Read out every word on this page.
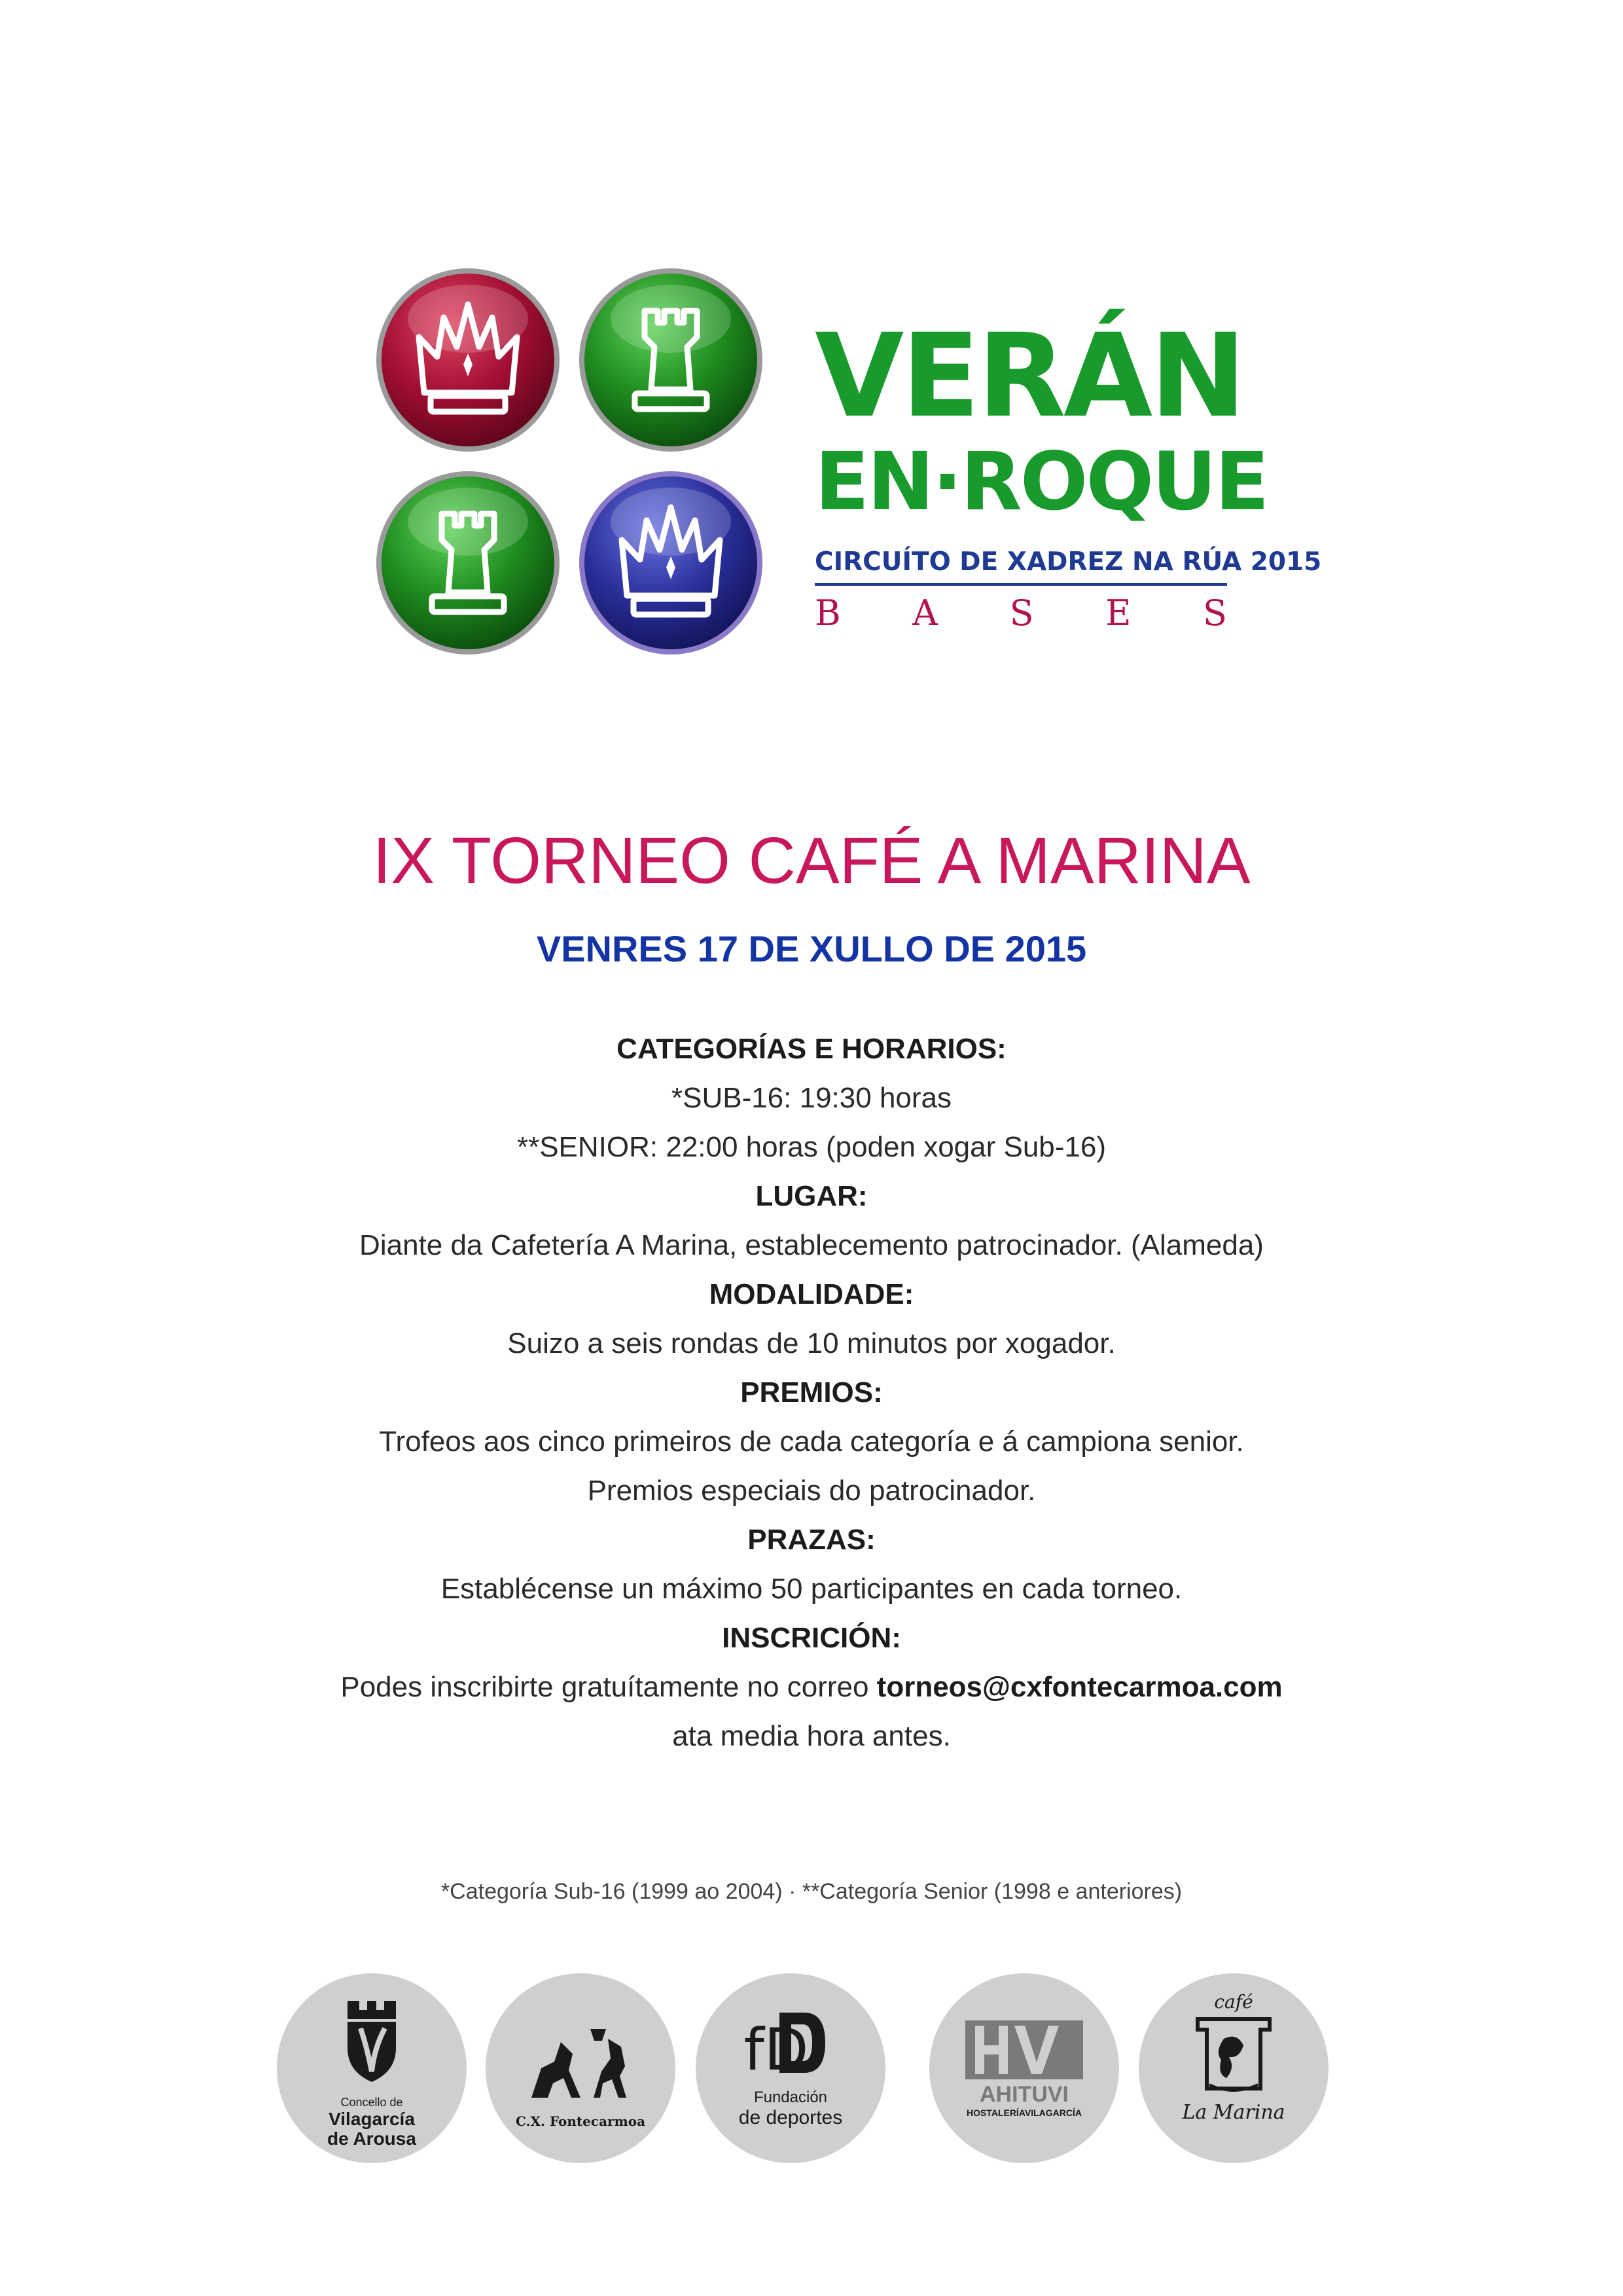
VERÁN
EN·ROQUE
CIRCUÍTO DE XADREZ NA RÚA 2015
B A S E S
IX TORNEO CAFÉ A MARINA
VENRES 17 DE XULLO DE 2015
CATEGORÍAS E HORARIOS:
*SUB-16: 19:30 horas
**SENIOR: 22:00 horas (poden xogar Sub-16)
LUGAR:
Diante da Cafetería A Marina, establecemento patrocinador. (Alameda)
MODALIDADE:
Suizo a seis rondas de 10 minutos por xogador.
PREMIOS:
Trofeos aos cinco primeiros de cada categoría e á campiona senior.
Premios especiais do patrocinador.
PRAZAS:
Establécense un máximo 50 participantes en cada torneo.
INSCRICIÓN:
Podes inscribirte gratuítamente no correo torneos@cxfontecarmoa.com
ata media hora antes.
*Categoría Sub-16 (1999 ao 2004) · **Categoría Senior (1998 e anteriores)
Concello de
Vilagarcía
de Arousa
C.X. Fontecarmoa
fD
Fundación
de deportes
AHITUVI
HOSTALERÍAVILAGARCÍA
café
La Marina
